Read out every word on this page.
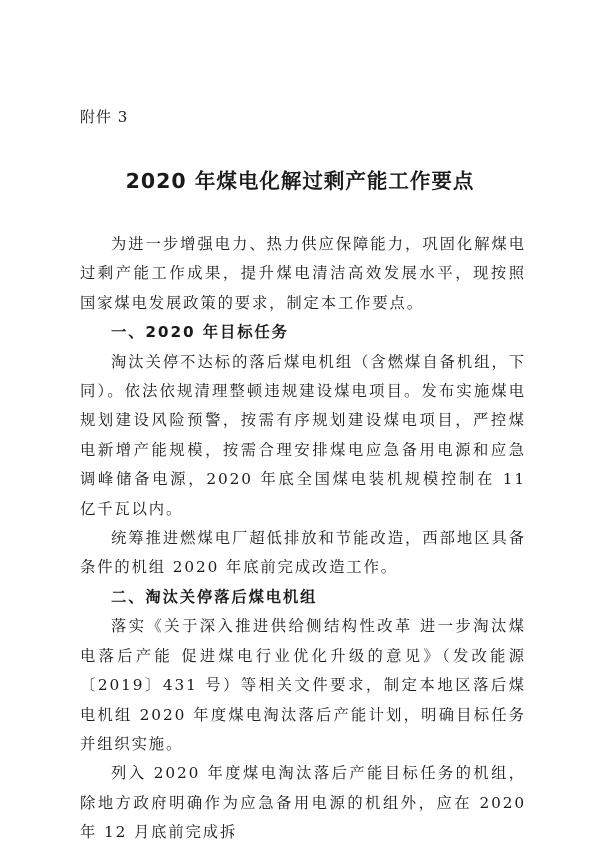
附件 3
2020 年煤电化解过剩产能工作要点

为进一步增强电力、热力供应保障能力，巩固化解煤电过剩产能工作成果，提升煤电清洁高效发展水平，现按照国家煤电发展政策的要求，制定本工作要点。

一、2020 年目标任务

淘汰关停不达标的落后煤电机组（含燃煤自备机组，下同）。依法依规清理整顿违规建设煤电项目。发布实施煤电规划建设风险预警，按需有序规划建设煤电项目，严控煤电新增产能规模，按需合理安排煤电应急备用电源和应急调峰储备电源，2020 年底全国煤电装机规模控制在 11 亿千瓦以内。

统筹推进燃煤电厂超低排放和节能改造，西部地区具备条件的机组 2020 年底前完成改造工作。

二、淘汰关停落后煤电机组

落实《关于深入推进供给侧结构性改革 进一步淘汰煤电落后产能 促进煤电行业优化升级的意见》（发改能源〔2019〕431 号）等相关文件要求，制定本地区落后煤电机组 2020 年度煤电淘汰落后产能计划，明确目标任务并组织实施。

列入 2020 年度煤电淘汰落后产能目标任务的机组，除地方政府明确作为应急备用电源的机组外，应在 2020 年 12 月底前完成拆
